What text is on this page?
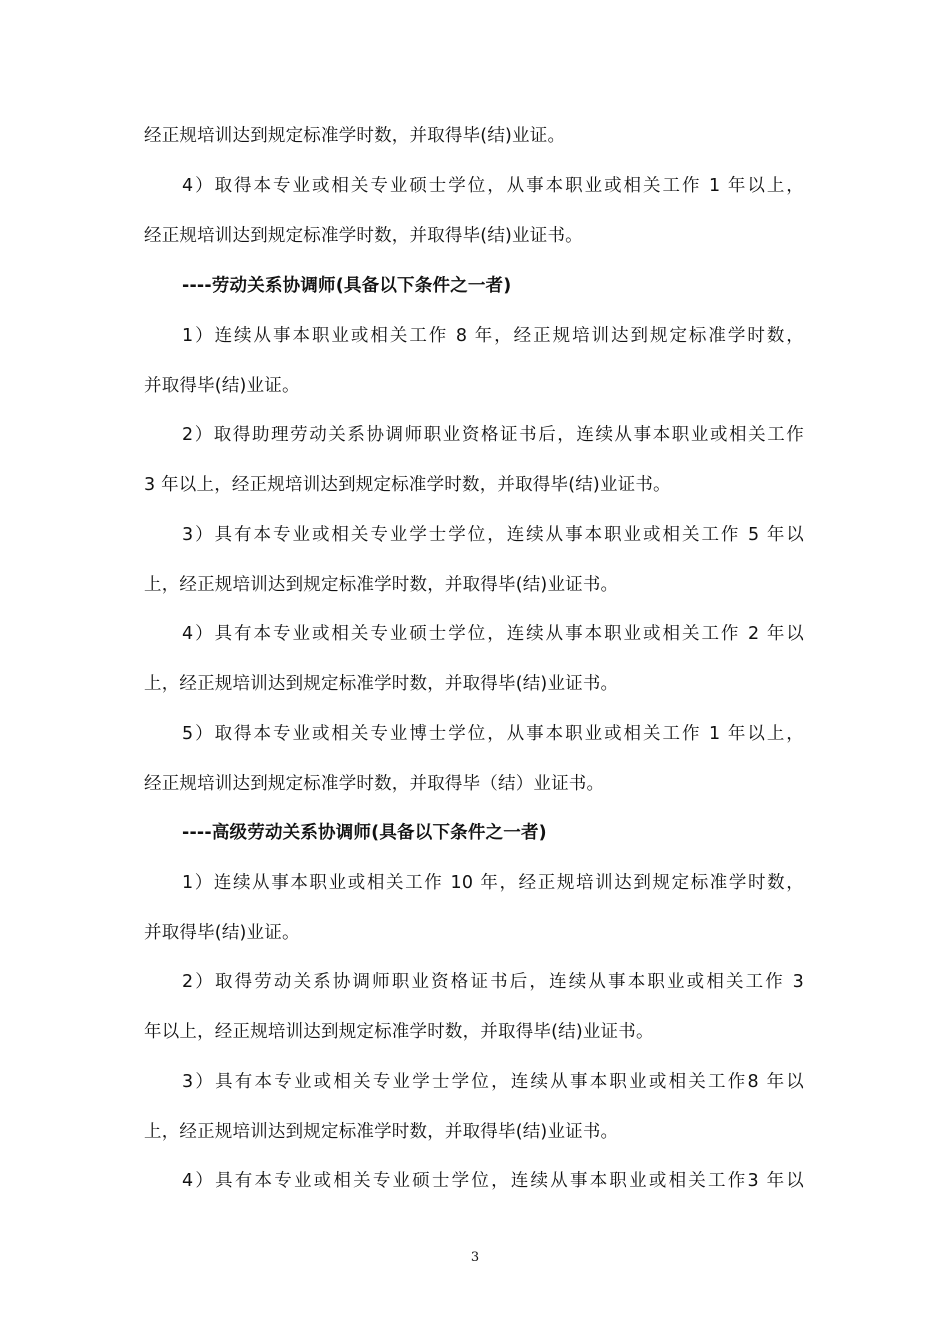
经正规培训达到规定标准学时数，并取得毕(结)业证。
4）取得本专业或相关专业硕士学位，从事本职业或相关工作 1 年以上，
经正规培训达到规定标准学时数，并取得毕(结)业证书。
----劳动关系协调师(具备以下条件之一者)
1）连续从事本职业或相关工作 8 年，经正规培训达到规定标准学时数，
并取得毕(结)业证。
2）取得助理劳动关系协调师职业资格证书后，连续从事本职业或相关工作
3 年以上，经正规培训达到规定标准学时数，并取得毕(结)业证书。
3）具有本专业或相关专业学士学位，连续从事本职业或相关工作 5 年以
上，经正规培训达到规定标准学时数，并取得毕(结)业证书。
4）具有本专业或相关专业硕士学位，连续从事本职业或相关工作 2 年以
上，经正规培训达到规定标准学时数，并取得毕(结)业证书。
5）取得本专业或相关专业博士学位，从事本职业或相关工作 1 年以上，
经正规培训达到规定标准学时数，并取得毕（结）业证书。
----高级劳动关系协调师(具备以下条件之一者)
1）连续从事本职业或相关工作 10 年，经正规培训达到规定标准学时数，
并取得毕(结)业证。
2）取得劳动关系协调师职业资格证书后，连续从事本职业或相关工作 3
年以上，经正规培训达到规定标准学时数，并取得毕(结)业证书。
3）具有本专业或相关专业学士学位，连续从事本职业或相关工作8 年以
上，经正规培训达到规定标准学时数，并取得毕(结)业证书。
4）具有本专业或相关专业硕士学位，连续从事本职业或相关工作3 年以
3
